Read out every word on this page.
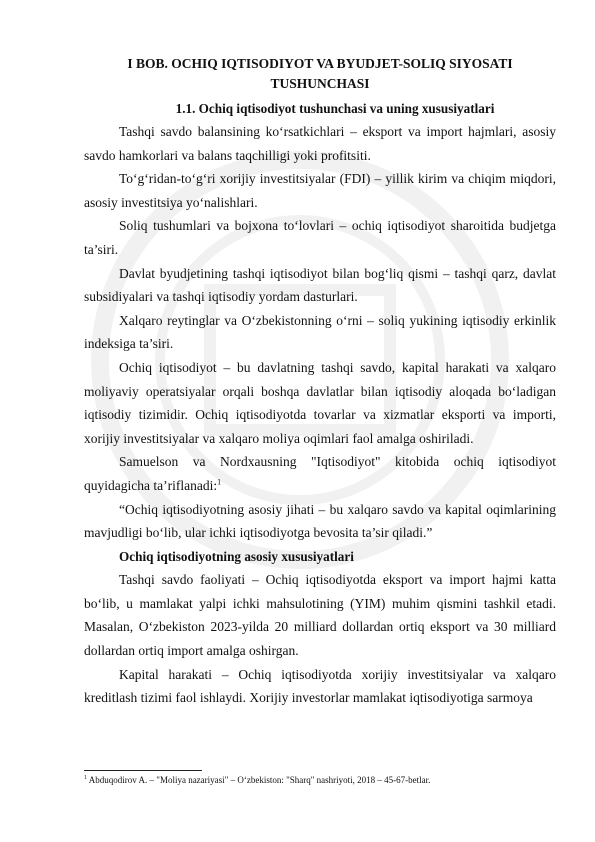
I BOB. OCHIQ IQTISODIYOT VA BYUDJET-SOLIQ SIYOSATI

TUSHUNCHASI

1.1. Ochiq iqtisodiyot tushunchasi va uning xususiyatlari

Tashqi savdo balansining ko‘rsatkichlari – eksport va import hajmlari, asosiy savdo hamkorlari va balans taqchilligi yoki profitsiti.

To‘g‘ridan-to‘g‘ri xorijiy investitsiyalar (FDI) – yillik kirim va chiqim miqdori, asosiy investitsiya yo‘nalishlari.

Soliq tushumlari va bojxona to‘lovlari – ochiq iqtisodiyot sharoitida budjetga ta’siri.

Davlat byudjetining tashqi iqtisodiyot bilan bog‘liq qismi – tashqi qarz, davlat subsidiyalari va tashqi iqtisodiy yordam dasturlari.

Xalqaro reytinglar va O‘zbekistonning o‘rni – soliq yukining iqtisodiy erkinlik indeksiga ta’siri.

Ochiq iqtisodiyot – bu davlatning tashqi savdo, kapital harakati va xalqaro moliyaviy operatsiyalar orqali boshqa davlatlar bilan iqtisodiy aloqada bo‘ladigan iqtisodiy tizimidir. Ochiq iqtisodiyotda tovarlar va xizmatlar eksporti va importi, xorijiy investitsiyalar va xalqaro moliya oqimlari faol amalga oshiriladi.

Samuelson va Nordxausning "Iqtisodiyot" kitobida ochiq iqtisodiyot quyidagicha ta’riflanadi:$^1$

“Ochiq iqtisodiyotning asosiy jihati – bu xalqaro savdo va kapital oqimlarining mavjudligi bo‘lib, ular ichki iqtisodiyotga bevosita ta’sir qiladi.”

Ochiq iqtisodiyotning asosiy xususiyatlari

Tashqi savdo faoliyati – Ochiq iqtisodiyotda eksport va import hajmi katta bo‘lib, u mamlakat yalpi ichki mahsulotining (YIM) muhim qismini tashkil etadi. Masalan, O‘zbekiston 2023-yilda 20 milliard dollardan ortiq eksport va 30 milliard dollardan ortiq import amalga oshirgan.

Kapital harakati – Ochiq iqtisodiyotda xorijiy investitsiyalar va xalqaro kreditlash tizimi faol ishlaydi. Xorijiy investorlar mamlakat iqtisodiyotiga sarmoya

$^1$ Abduqodirov A. – "Moliya nazariyasi" – O‘zbekiston: "Sharq" nashriyoti, 2018 – 45-67-betlar.
